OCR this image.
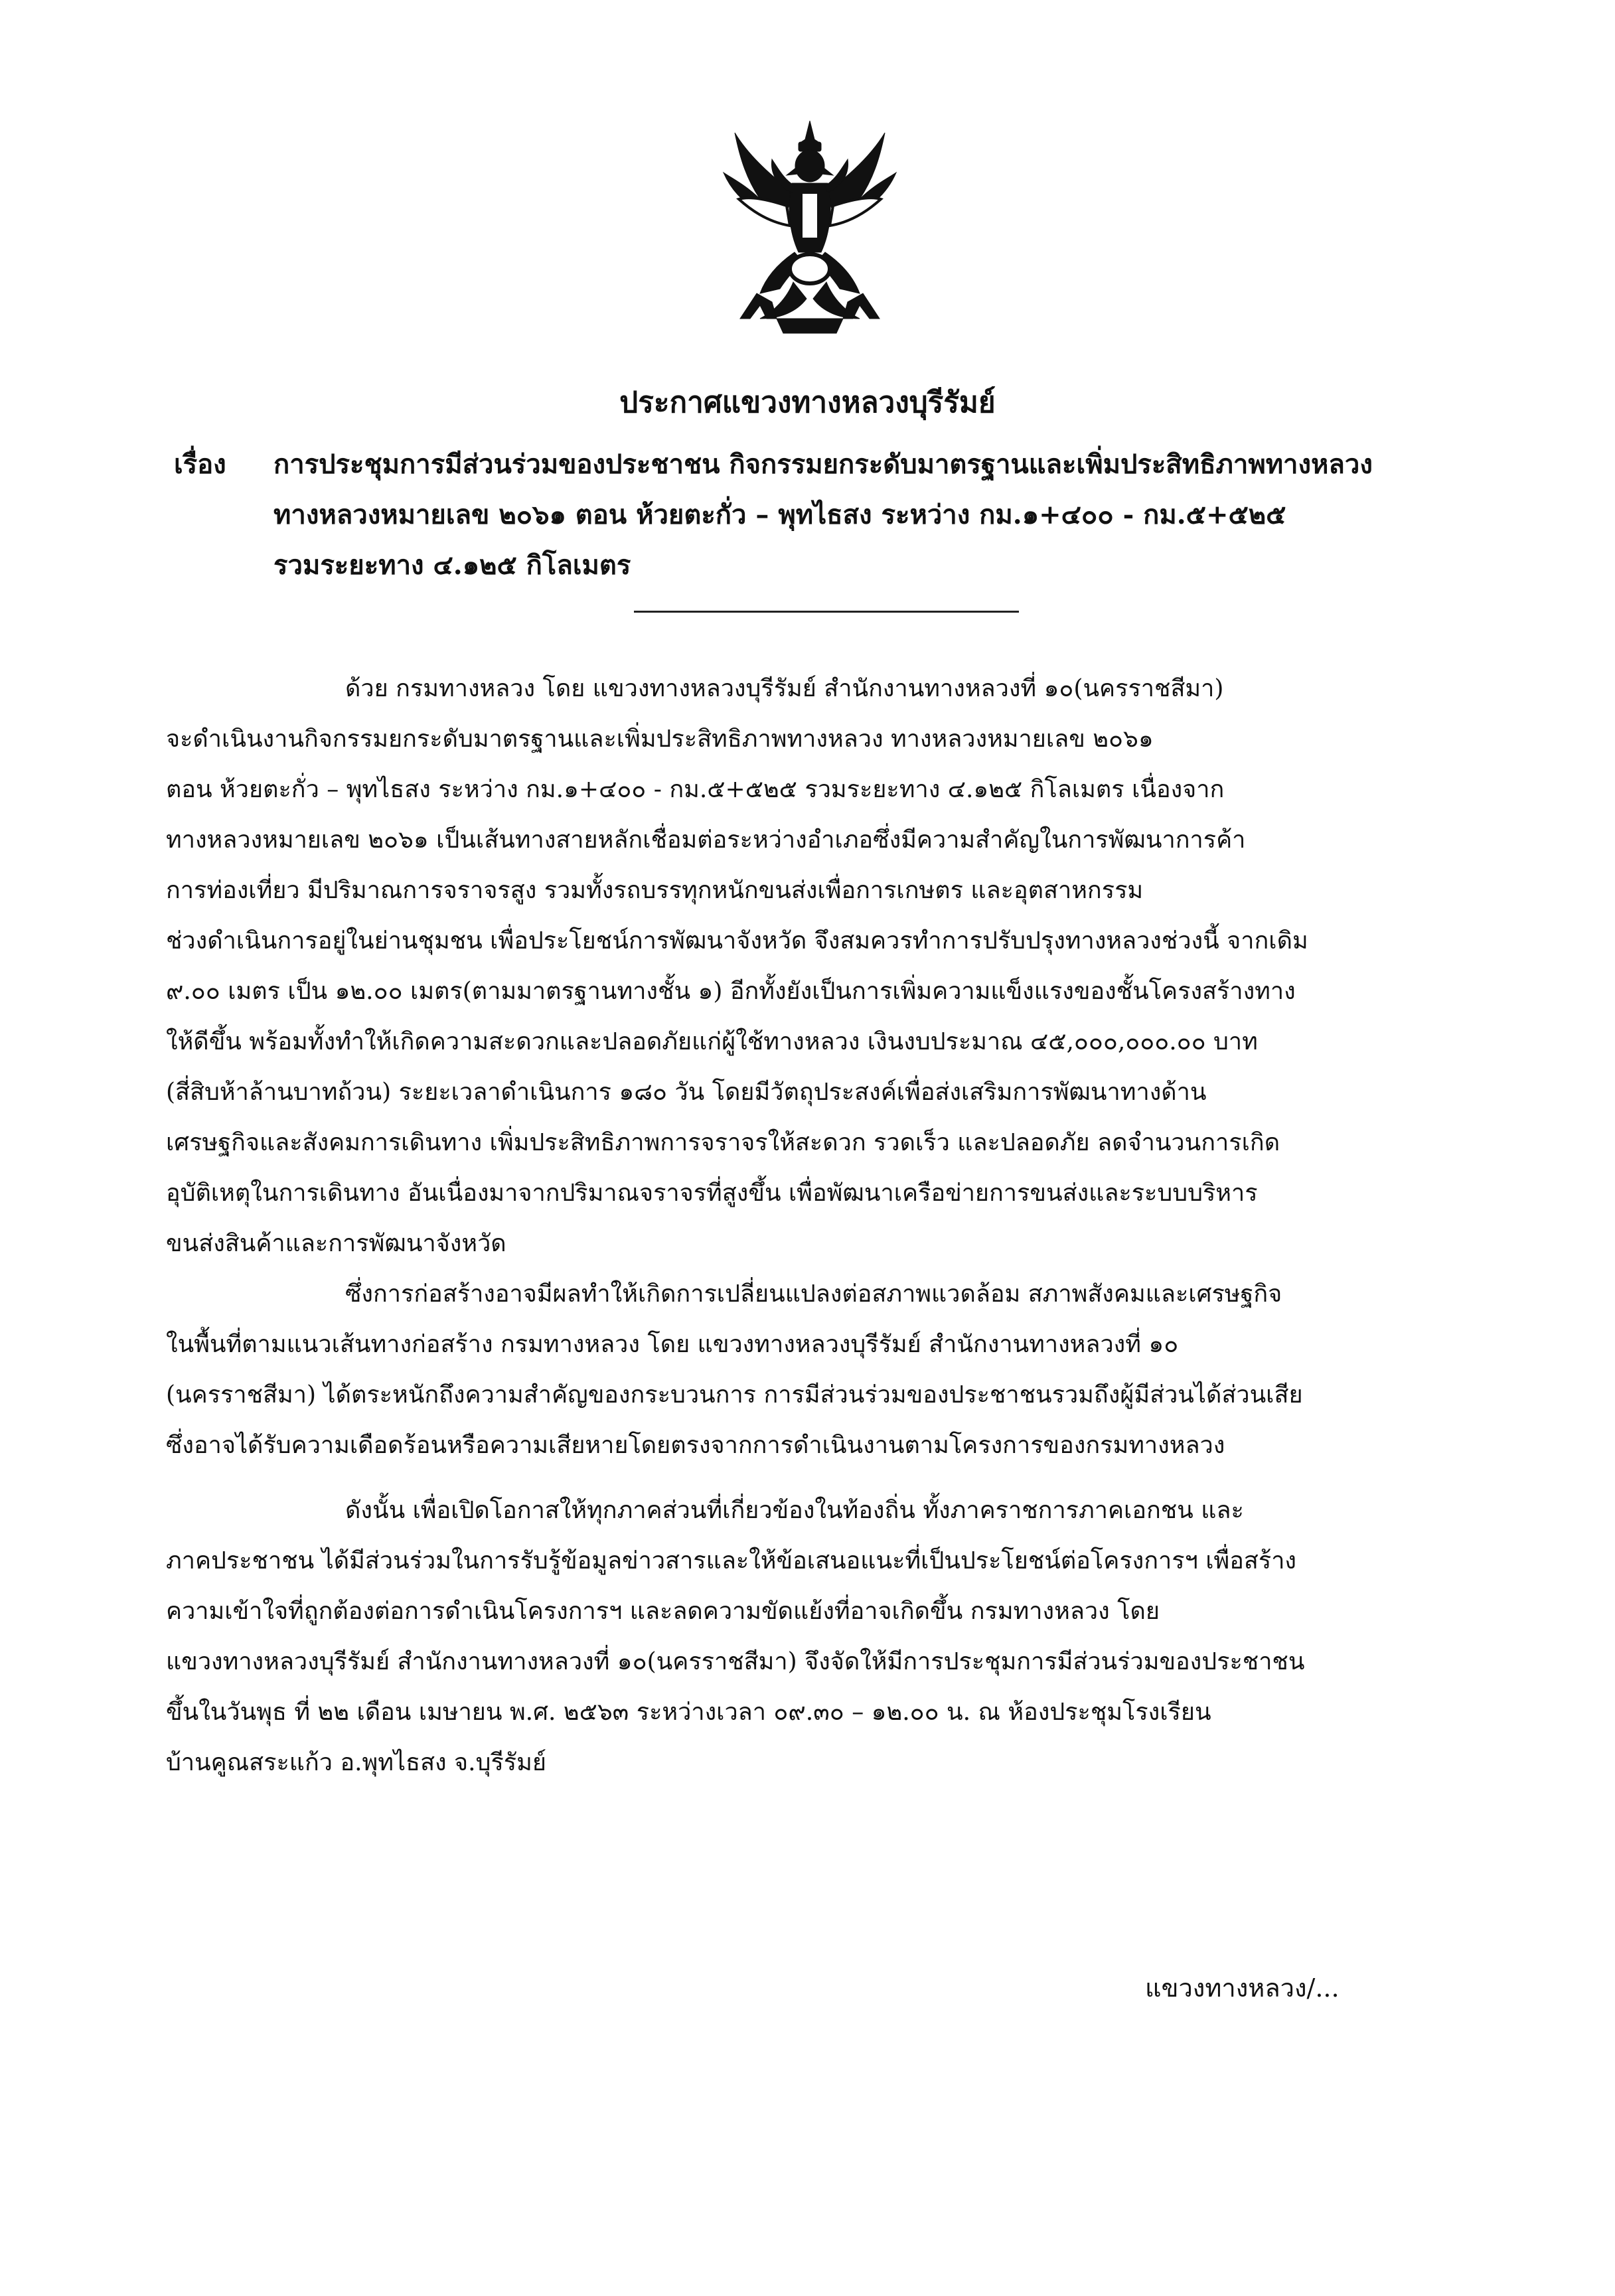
ประกาศแขวงทางหลวงบุรีรัมย์
เรื่อง การประชุมการมีส่วนร่วมของประชาชน กิจกรรมยกระดับมาตรฐานและเพิ่มประสิทธิภาพทางหลวง
ทางหลวงหมายเลข ๒๐๖๑ ตอน ห้วยตะกั่ว – พุทไธสง ระหว่าง กม.๑+๔๐๐ - กม.๕+๕๒๕
รวมระยะทาง ๔.๑๒๕ กิโลเมตร
ด้วย กรมทางหลวง โดย แขวงทางหลวงบุรีรัมย์ สำนักงานทางหลวงที่ ๑๐(นครราชสีมา)
จะดำเนินงานกิจกรรมยกระดับมาตรฐานและเพิ่มประสิทธิภาพทางหลวง ทางหลวงหมายเลข ๒๐๖๑
ตอน ห้วยตะกั่ว – พุทไธสง ระหว่าง กม.๑+๔๐๐ - กม.๕+๕๒๕ รวมระยะทาง ๔.๑๒๕ กิโลเมตร เนื่องจาก
ทางหลวงหมายเลข ๒๐๖๑ เป็นเส้นทางสายหลักเชื่อมต่อระหว่างอำเภอซึ่งมีความสำคัญในการพัฒนาการค้า
การท่องเที่ยว มีปริมาณการจราจรสูง รวมทั้งรถบรรทุกหนักขนส่งเพื่อการเกษตร และอุตสาหกรรม
ช่วงดำเนินการอยู่ในย่านชุมชน เพื่อประโยชน์การพัฒนาจังหวัด จึงสมควรทำการปรับปรุงทางหลวงช่วงนี้ จากเดิม
๙.๐๐ เมตร เป็น ๑๒.๐๐ เมตร(ตามมาตรฐานทางชั้น ๑) อีกทั้งยังเป็นการเพิ่มความแข็งแรงของชั้นโครงสร้างทาง
ให้ดีขึ้น พร้อมทั้งทำให้เกิดความสะดวกและปลอดภัยแก่ผู้ใช้ทางหลวง เงินงบประมาณ ๔๕,๐๐๐,๐๐๐.๐๐ บาท
(สี่สิบห้าล้านบาทถ้วน) ระยะเวลาดำเนินการ ๑๘๐ วัน โดยมีวัตถุประสงค์เพื่อส่งเสริมการพัฒนาทางด้าน
เศรษฐกิจและสังคมการเดินทาง เพิ่มประสิทธิภาพการจราจรให้สะดวก รวดเร็ว และปลอดภัย ลดจำนวนการเกิด
อุบัติเหตุในการเดินทาง อันเนื่องมาจากปริมาณจราจรที่สูงขึ้น เพื่อพัฒนาเครือข่ายการขนส่งและระบบบริหาร
ขนส่งสินค้าและการพัฒนาจังหวัด
ซึ่งการก่อสร้างอาจมีผลทำให้เกิดการเปลี่ยนแปลงต่อสภาพแวดล้อม สภาพสังคมและเศรษฐกิจ
ในพื้นที่ตามแนวเส้นทางก่อสร้าง กรมทางหลวง โดย แขวงทางหลวงบุรีรัมย์ สำนักงานทางหลวงที่ ๑๐
(นครราชสีมา) ได้ตระหนักถึงความสำคัญของกระบวนการ การมีส่วนร่วมของประชาชนรวมถึงผู้มีส่วนได้ส่วนเสีย
ซึ่งอาจได้รับความเดือดร้อนหรือความเสียหายโดยตรงจากการดำเนินงานตามโครงการของกรมทางหลวง
ดังนั้น เพื่อเปิดโอกาสให้ทุกภาคส่วนที่เกี่ยวข้องในท้องถิ่น ทั้งภาคราชการภาคเอกชน และ
ภาคประชาชน ได้มีส่วนร่วมในการรับรู้ข้อมูลข่าวสารและให้ข้อเสนอแนะที่เป็นประโยชน์ต่อโครงการฯ เพื่อสร้าง
ความเข้าใจที่ถูกต้องต่อการดำเนินโครงการฯ และลดความขัดแย้งที่อาจเกิดขึ้น กรมทางหลวง โดย
แขวงทางหลวงบุรีรัมย์ สำนักงานทางหลวงที่ ๑๐(นครราชสีมา) จึงจัดให้มีการประชุมการมีส่วนร่วมของประชาชน
ขึ้นในวันพุธ ที่ ๒๒ เดือน เมษายน พ.ศ. ๒๕๖๓ ระหว่างเวลา ๐๙.๓๐ – ๑๒.๐๐ น. ณ ห้องประชุมโรงเรียน
บ้านคูณสระแก้ว อ.พุทไธสง จ.บุรีรัมย์
แขวงทางหลวง/...
